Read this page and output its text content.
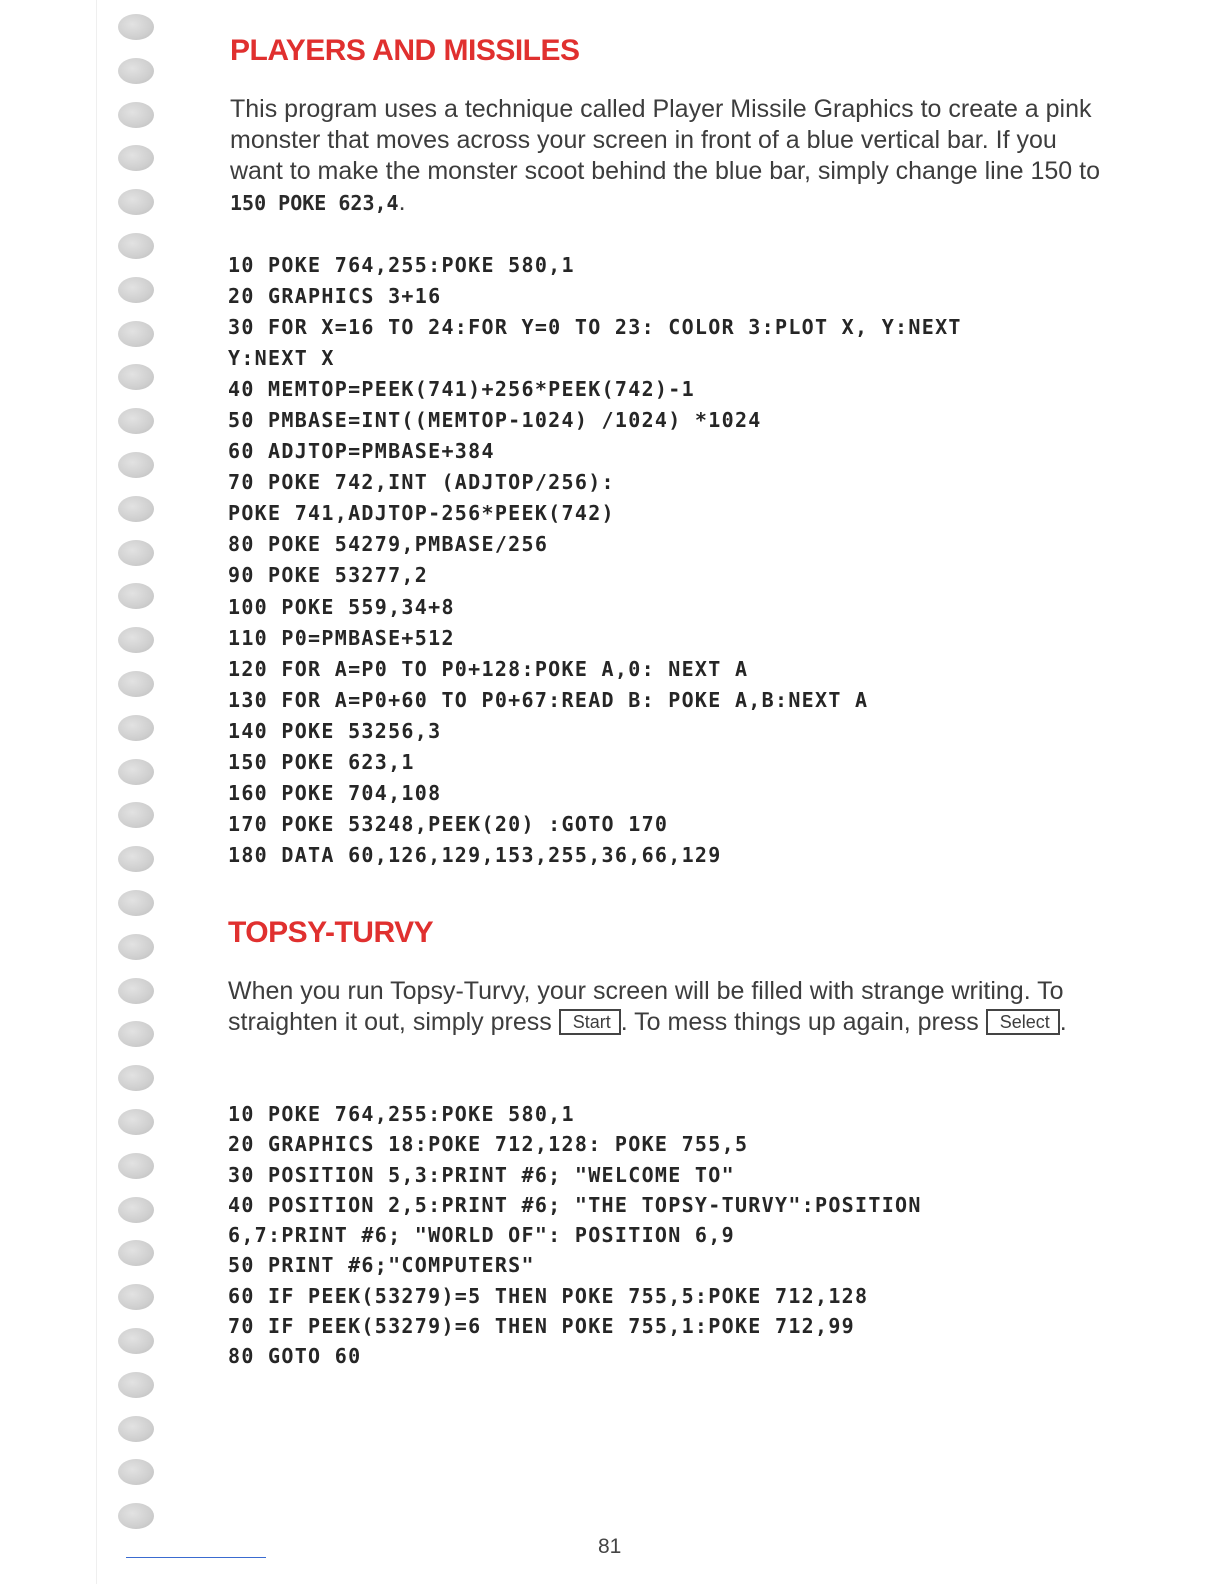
PLAYERS AND MISSILES

This program uses a technique called Player Missile Graphics to create a pink monster that moves across your screen in front of a blue vertical bar. If you want to make the monster scoot behind the blue bar, simply change line 150 to 150 POKE 623,4.

10 POKE 764,255:POKE 580,1
20 GRAPHICS 3+16
30 FOR X=16 TO 24:FOR Y=0 TO 23: COLOR 3:PLOT X, Y:NEXT
Y:NEXT X
40 MEMTOP=PEEK(741)+256*PEEK(742)-1
50 PMBASE=INT((MEMTOP-1024) /1024) *1024
60 ADJTOP=PMBASE+384
70 POKE 742,INT (ADJTOP/256):
POKE 741,ADJTOP-256*PEEK(742)
80 POKE 54279,PMBASE/256
90 POKE 53277,2
100 POKE 559,34+8
110 P0=PMBASE+512
120 FOR A=P0 TO P0+128:POKE A,0: NEXT A
130 FOR A=P0+60 TO P0+67:READ B: POKE A,B:NEXT A
140 POKE 53256,3
150 POKE 623,1
160 POKE 704,108
170 POKE 53248,PEEK(20) :GOTO 170
180 DATA 60,126,129,153,255,36,66,129
TOPSY-TURVY

When you run Topsy-Turvy, your screen will be filled with strange writing. To straighten it out, simply press Start . To mess things up again, press Select .

10 POKE 764,255:POKE 580,1
20 GRAPHICS 18:POKE 712,128: POKE 755,5
30 POSITION 5,3:PRINT #6; "WELCOME TO"
40 POSITION 2,5:PRINT #6; "THE TOPSY-TURVY":POSITION
6,7:PRINT #6; "WORLD OF": POSITION 6,9
50 PRINT #6;"COMPUTERS"
60 IF PEEK(53279)=5 THEN POKE 755,5:POKE 712,128
70 IF PEEK(53279)=6 THEN POKE 755,1:POKE 712,99
80 GOTO 60
81
